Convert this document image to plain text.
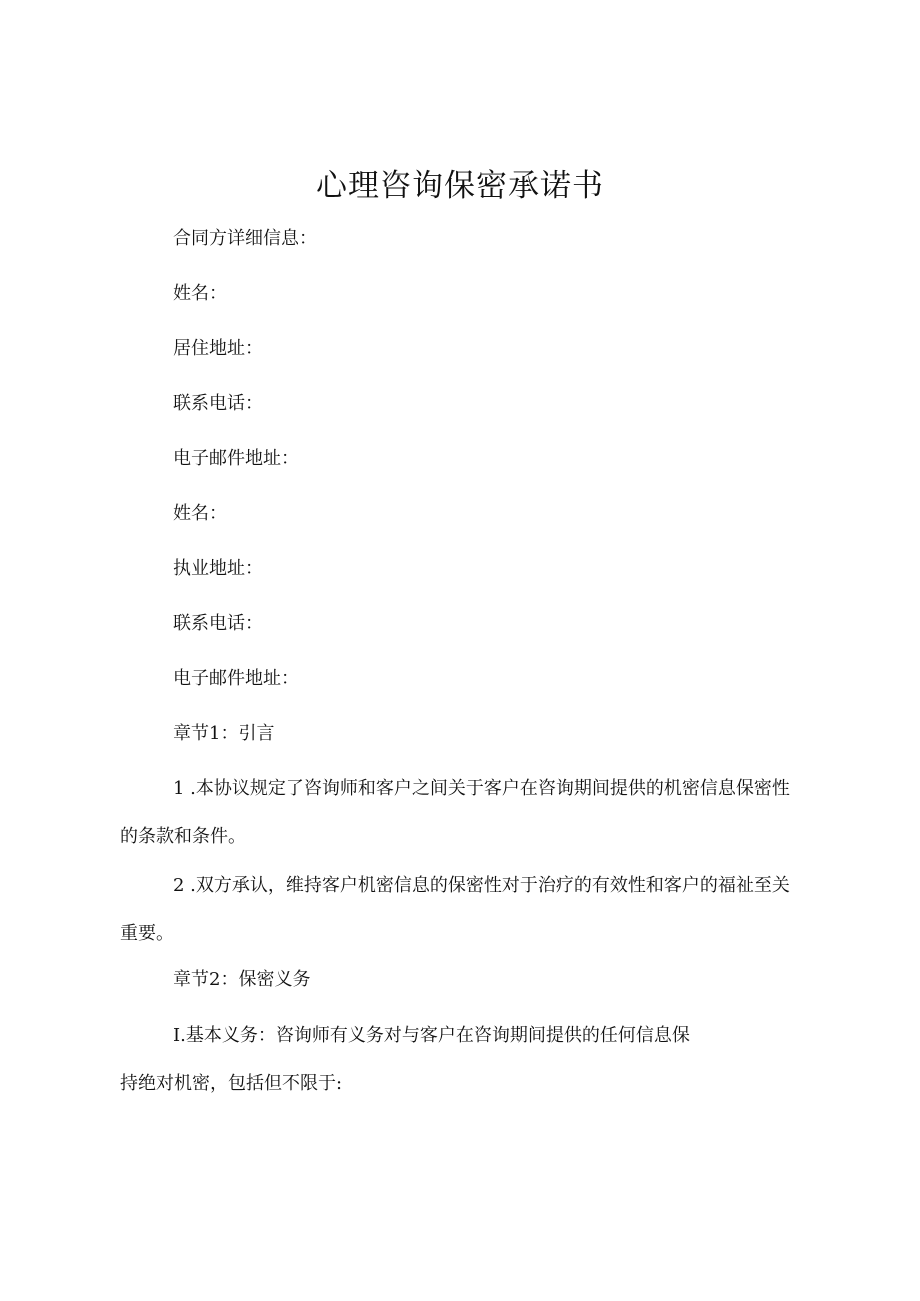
心理咨询保密承诺书

合同方详细信息：

姓名：

居住地址：

联系电话：

电子邮件地址：

姓名：

执业地址：

联系电话：

电子邮件地址：

章节1：引言

1 .本协议规定了咨询师和客户之间关于客户在咨询期间提供的机密信息保密性的条款和条件。

2 .双方承认，维持客户机密信息的保密性对于治疗的有效性和客户的福祉至关重要。

章节2：保密义务

I.基本义务：咨询师有义务对与客户在咨询期间提供的任何信息保

持绝对机密，包括但不限于:
